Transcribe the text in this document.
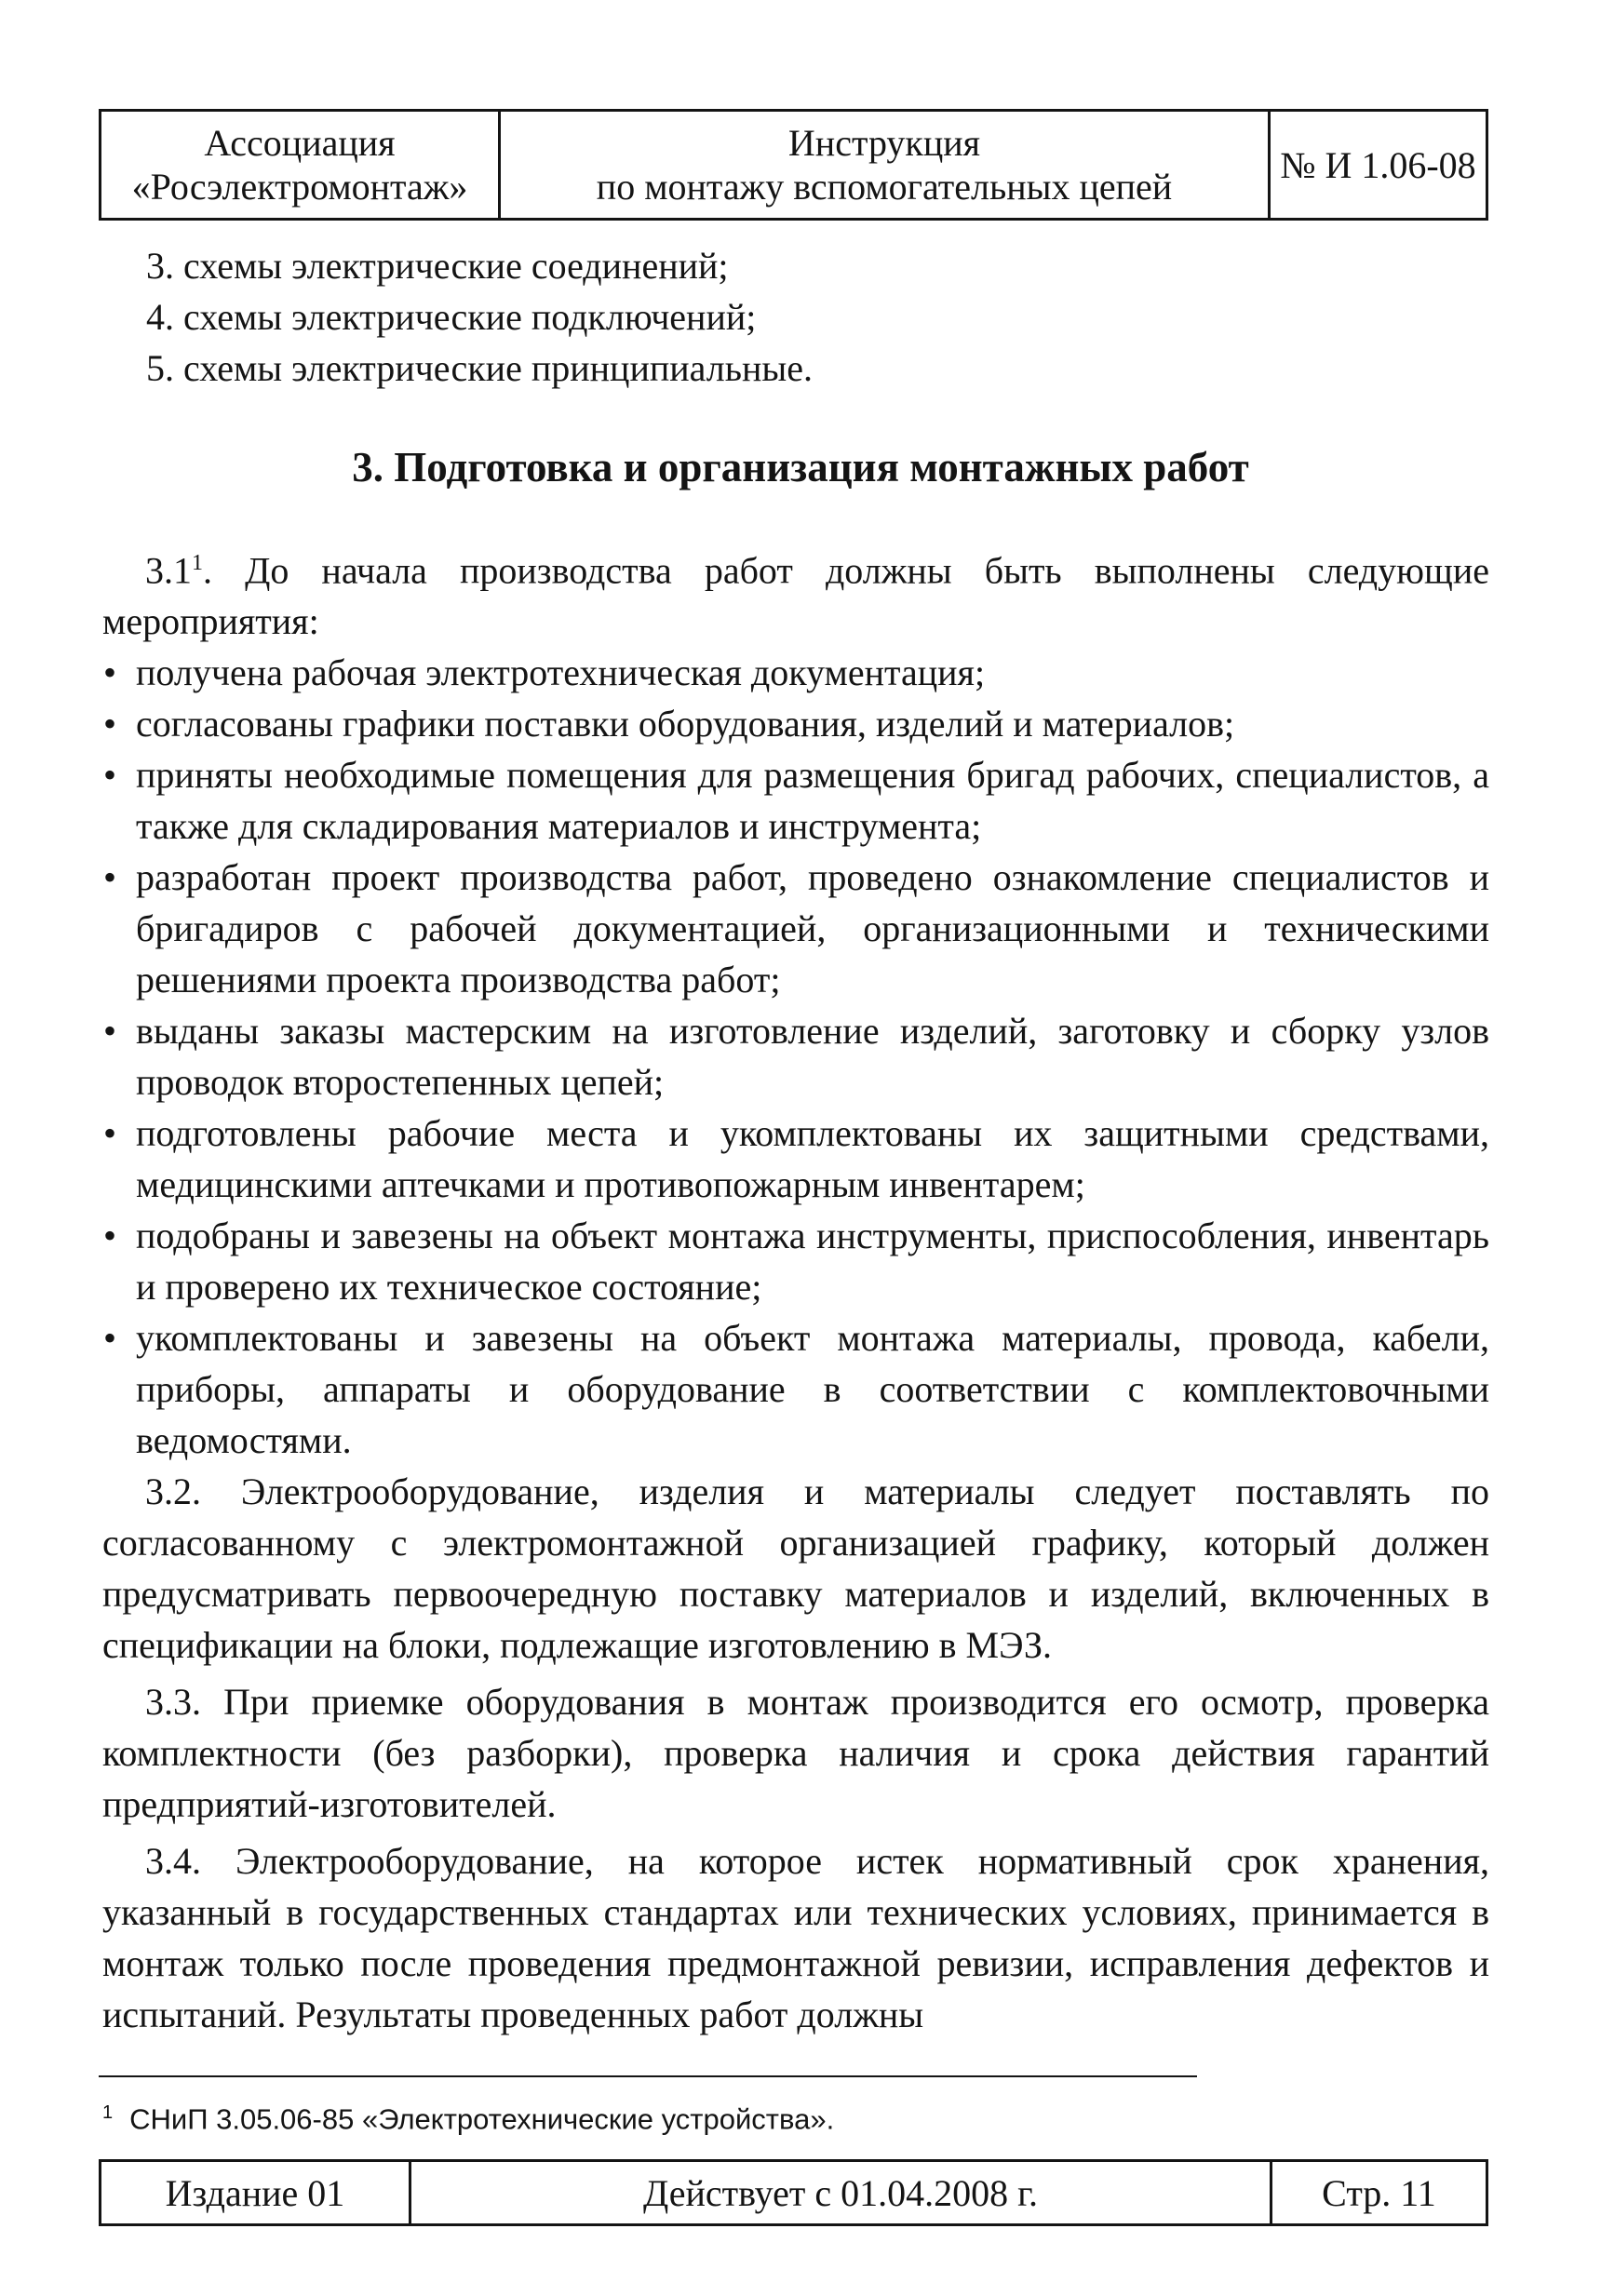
Ассоциация
«Росэлектромонтаж»
Инструкция
по монтажу вспомогательных цепей
№ И 1.06-08
3. схемы электрические соединений;
4. схемы электрические подключений;
5. схемы электрические принципиальные.
3. Подготовка и организация монтажных работ

$3.1^1$. До начала производства работ должны быть выполнены следующие мероприятия:

• получена рабочая электротехническая документация;
• согласованы графики поставки оборудования, изделий и материалов;
• приняты необходимые помещения для размещения бригад рабочих, специалистов, а также для складирования материалов и инструмента;
• разработан проект производства работ, проведено ознакомление специалистов и бригадиров с рабочей документацией, организационными и техническими решениями проекта производства работ;
• выданы заказы мастерским на изготовление изделий, заготовку и сборку узлов проводок второстепенных цепей;
• подготовлены рабочие места и укомплектованы их защитными средствами, медицинскими аптечками и противопожарным инвентарем;
• подобраны и завезены на объект монтажа инструменты, приспособления, инвентарь и проверено их техническое состояние;
• укомплектованы и завезены на объект монтажа материалы, провода, кабели, приборы, аппараты и оборудование в соответствии с комплектовочными ведомостями.

3.2. Электрооборудование, изделия и материалы следует поставлять по согласованному с электромонтажной организацией графику, который должен предусматривать первоочередную поставку материалов и изделий, включенных в спецификации на блоки, подлежащие изготовлению в МЭЗ.

3.3. При приемке оборудования в монтаж производится его осмотр, проверка комплектности (без разборки), проверка наличия и срока действия гарантий предприятий-изготовителей.

3.4. Электрооборудование, на которое истек нормативный срок хранения, указанный в государственных стандартах или технических условиях, принимается в монтаж только после проведения предмонтажной ревизии, исправления дефектов и испытаний. Результаты проведенных работ должны

$^1$ СНиП 3.05.06-85 «Электротехнические устройства».
Издание 01	Действует с 01.04.2008 г.	Стр. 11
